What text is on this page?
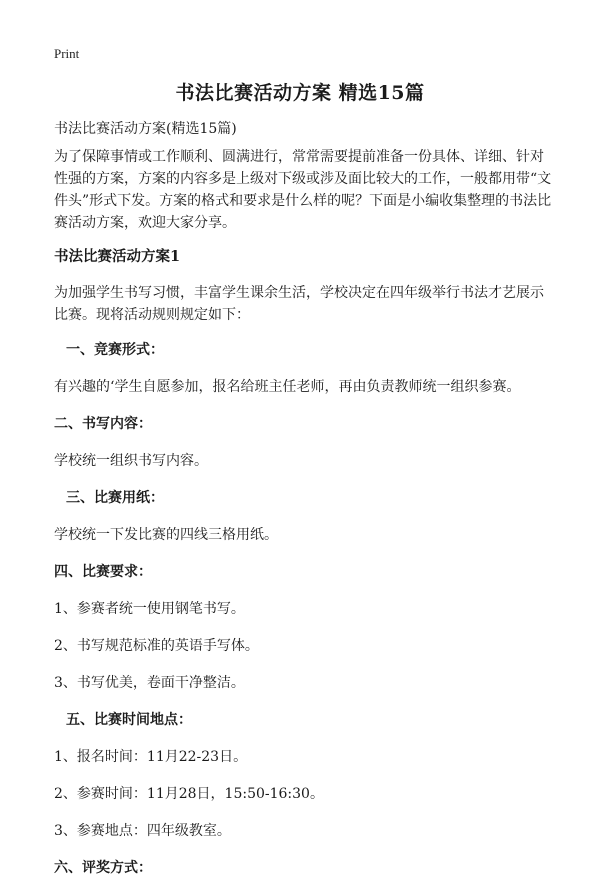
Print
书法比赛活动方案 精选15篇

书法比赛活动方案(精选15篇)

为了保障事情或工作顺利、圆满进行，常常需要提前准备一份具体、详细、针对性强的方案，方案的内容多是上级对下级或涉及面比较大的工作，一般都用带“文件头”形式下发。方案的格式和要求是什么样的呢？下面是小编收集整理的书法比赛活动方案，欢迎大家分享。

书法比赛活动方案1

为加强学生书写习惯，丰富学生课余生活，学校决定在四年级举行书法才艺展示比赛。现将活动规则规定如下：

一、竞赛形式：

有兴趣的‘学生自愿参加，报名给班主任老师，再由负责教师统一组织参赛。

二、书写内容：

学校统一组织书写内容。

三、比赛用纸：

学校统一下发比赛的四线三格用纸。

四、比赛要求：

1、参赛者统一使用钢笔书写。

2、书写规范标准的英语手写体。

3、书写优美，卷面干净整洁。

五、比赛时间地点：

1、报名时间：11月22-23日。

2、参赛时间：11月28日，15:50-16:30。

3、参赛地点：四年级教室。

六、评奖方式：
